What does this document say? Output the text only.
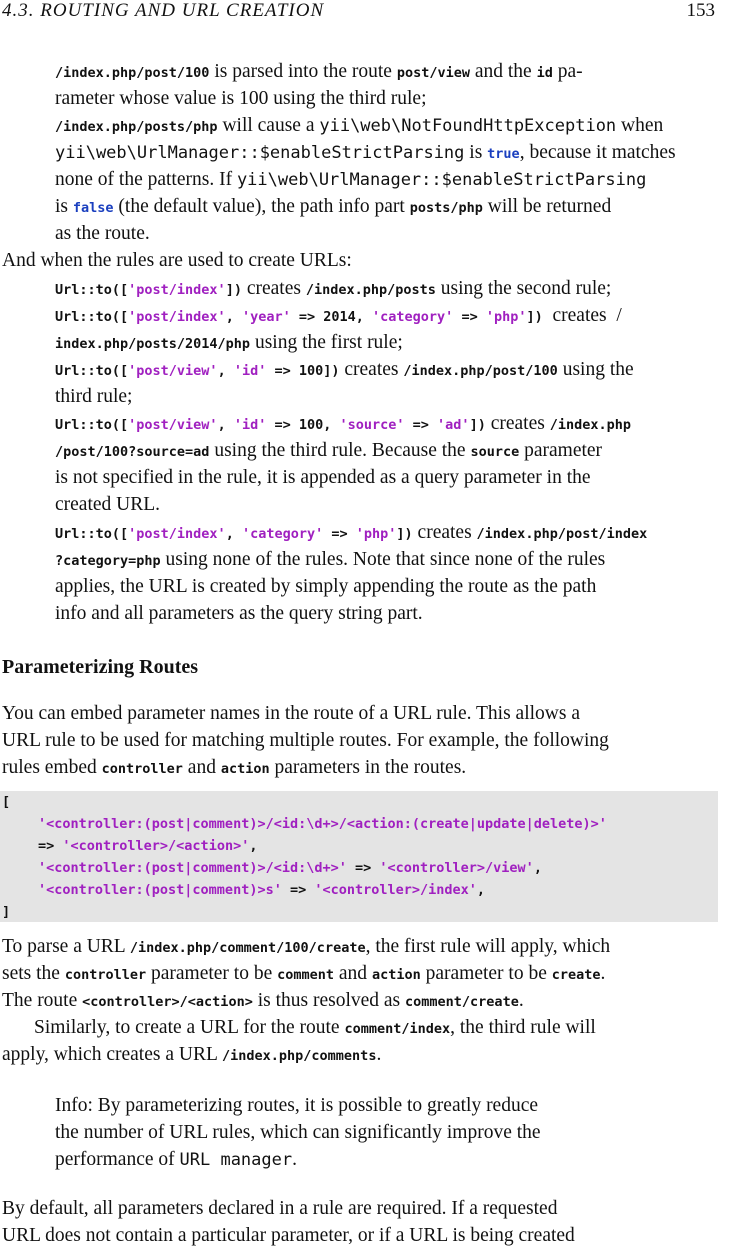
4.3. ROUTING AND URL CREATION	153
/index.php/post/100 is parsed into the route post/view and the id pa-
rameter whose value is 100 using the third rule;
/index.php/posts/php will cause a yii\web\NotFoundHttpException when
yii\web\UrlManager::$enableStrictParsing is true, because it matches
none of the patterns. If yii\web\UrlManager::$enableStrictParsing
is false (the default value), the path info part posts/php will be returned
as the route.
And when the rules are used to create URLs:
Url::to(['post/index']) creates /index.php/posts using the second rule;
Url::to(['post/index', 'year' => 2014, 'category' => 'php'])  creates  /
index.php/posts/2014/php using the first rule;
Url::to(['post/view', 'id' => 100]) creates /index.php/post/100 using the
third rule;
Url::to(['post/view', 'id' => 100, 'source' => 'ad']) creates /index.php
/post/100?source=ad using the third rule. Because the source parameter
is not specified in the rule, it is appended as a query parameter in the
created URL.
Url::to(['post/index', 'category' => 'php']) creates /index.php/post/index
?category=php using none of the rules. Note that since none of the rules
applies, the URL is created by simply appending the route as the path
info and all parameters as the query string part.
Parameterizing Routes
You can embed parameter names in the route of a URL rule. This allows a
URL rule to be used for matching multiple routes. For example, the following
rules embed controller and action parameters in the routes.
[
'<controller:(post|comment)>/<id:\d+>/<action:(create|update|delete)>'
=> '<controller>/<action>',
'<controller:(post|comment)>/<id:\d+>' => '<controller>/view',
'<controller:(post|comment)>s' => '<controller>/index',
]
To parse a URL /index.php/comment/100/create, the first rule will apply, which
sets the controller parameter to be comment and action parameter to be create.
The route <controller>/<action> is thus resolved as comment/create.
Similarly, to create a URL for the route comment/index, the third rule will
apply, which creates a URL /index.php/comments.
Info: By parameterizing routes, it is possible to greatly reduce
the number of URL rules, which can significantly improve the
performance of URL manager.
By default, all parameters declared in a rule are required. If a requested
URL does not contain a particular parameter, or if a URL is being created
